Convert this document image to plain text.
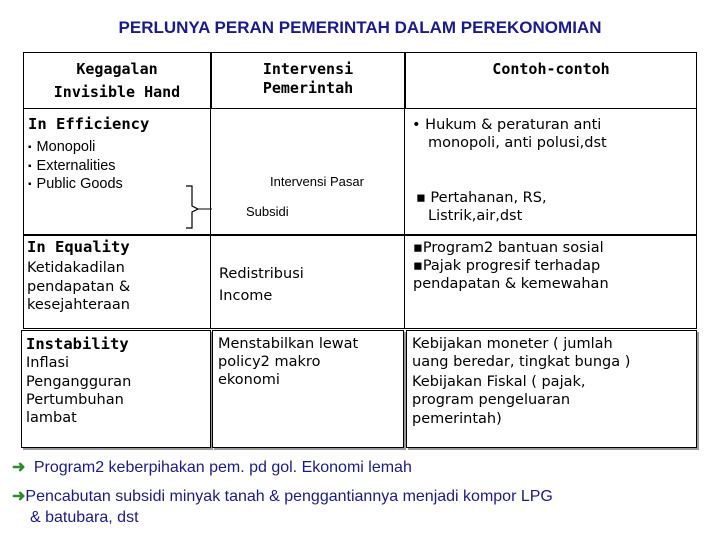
PERLUNYA PERAN PEMERINTAH DALAM PEREKONOMIAN
Kegagalan
Invisible Hand
Intervensi
Pemerintah
Contoh-contoh
In Efficiency
▪ Monopoli
▪ Externalities
▪ Public Goods	Intervensi Pasar
Subsidi
• Hukum & peraturan anti
monopoli, anti polusi,dst
▪ Pertahanan, RS,
Listrik,air,dst
In Equality
Ketidakadilan
pendapatan &
kesejahteraan
Redistribusi
Income
▪Program2 bantuan sosial
▪Pajak progresif terhadap
pendapatan & kemewahan
Instability
Inflasi
Pengangguran
Pertumbuhan
lambat
Menstabilkan lewat
policy2 makro
ekonomi
Kebijakan moneter ( jumlah
uang beredar, tingkat bunga )
Kebijakan Fiskal ( pajak,
program pengeluaran
pemerintah)
➜ Program2 keberpihakan pem. pd gol. Ekonomi lemah
➜Pencabutan subsidi minyak tanah & penggantiannya menjadi kompor LPG
& batubara, dst
